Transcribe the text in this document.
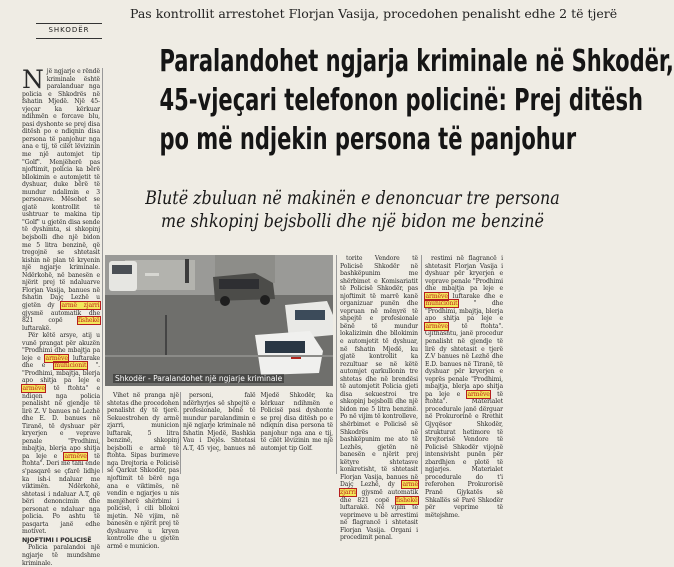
Pas kontrollit arrestohet Florjan Vasija, procedohen penalisht edhe 2 të tjerë
SHKODËR
Paralandohet ngjarja kriminale në Shkodër,
45-vjeçari telefonon policinë: Prej ditësh
po më ndjekin persona të panjohur
Blutë zbuluan në makinën e denoncuar tre persona
me shkopinj bejsbolli dhe një bidon me benzinë

N jë ngjarje e rëndë kriminale është paralanduar nga policia e Shkodrës në fshatin Mjedë. Një 45-vjeçar ka kërkuar ndihmën e forcave blu, pasi dyshonte se prej disa ditësh po e ndiqnin disa persona të panjohur nga ana e tij, të cilët lëvizinin me një automjet tip "Golf". Menjëherë pas njoftimit, policia ka bërë bllokimin e automjetit të dyshuar, duke bërë të mundur ndalimin e 3 personave. Mësohet se gjatë kontrollit të ushtruar te makina tip "Golf" u gjetën disa sende të dyshimta, si shkopinj bejsbolli dhe një bidon me 5 litra benzinë, që tregojnë se shtetasit kishin në plan të kryenin një ngjarje kriminale. Ndërkohë, në banesën e njërit prej të ndaluarve Florjan Vasija, banues në fshatin Dajç Lezhë u gjetën dy armë zjarri gjysmë automatik dhe 821 copë	fishekë luftarakë.

Për këtë arsye, atij u vunë prangat për akuzën "Prodhimi dhe mbajtja pa leje e armëve luftarake dhe e municionit ". "Prodhimi, mbajtja, blerja apo shitja pa leje e armëve të ftohta" e ndiqen nga policia penalisht në gjendje të lirë Z. V banues në Lezhë dhe E. D. banues në Tiranë, të dyshuar për kryerjen e veprave penale "Prodhimi, mbajtja, blerja apo shitja pa leje e armëve të ftohta". Deri më tani ende s'pasqarë se çfarë lidhje ka ish-i ndaluar me viktimën. Ndërkohë, shtetasi i ndaluar A.T, që bëri denoncimin dhe personat e ndaluar nga policia. Po ashtu të pasqarta janë edhe motivet.

NJOFTIMI I POLICISË

Policia paralandoi një ngjarje të mundshme kriminale.

Shkodër - Paralandohet një ngjarje kriminale

Vihet në pranga një shtetas dhe procedohen penalisht dy të tjerë. Sekuestrohen dy armë zjarri, municion luftarak, 5 litra benzinë, shkopinj bejsbolli e armë të ftohta. Sipas burimeve nga Drejtoria e Policisë së Qarkut Shkodër, pas njoftimit të bërë nga ana e viktimës, në vendin e ngjarjes u nis menjëherë shërbimi i policisë, i cili bllokoi mjetin. Në vijim, në banesën e njërit prej të dyshuarve u kryen kontrolle dhe u gjetën armë e municion.

personi, falë ndërhyrjes së shpejtë e profesionale, bënë të mundur paralandimin e një ngjarje kriminale në fshatin Mjedë, Bashkia Vau i Dejës. Shtetasi A.T, 45 vjeç, banues në Mjedë Shkodër, ka kërkuar ndihmën e Policisë pasi dyshonte se prej disa ditësh po e ndiqnin disa persona të panjohur nga ana e tij, të cilët lëvizinin me një automjet tip Golf.

torite Vendore të Policisë Shkodër në bashkëpunim me shërbimet e Komisariatit të Policisë Shkodër, pas njoftimit të marrë kanë organizuar punën dhe vepruan në mënyrë të shpejtë e profesionale bënë të mundur lokalizimin dhe bllokimin e automjetit të dyshuar, në fshatin Mjedë, ku gjatë kontrollit ka rezultuar se në këtë automjet qarkullonin tre shtetas dhe në brendësi të automjetit Policia gjeti disa sekuestroi tre shkopinj bejsbolli dhe një bidon me 5 litra benzinë. Po në vijim të kontrolleve, shërbimet e Policisë së Shkodrës në bashkëpunim me ato të Lezhës, gjetën në banesën e njërit prej këtyre shtetasve konkretisht, të shtetasit Florjan Vasija, banues në Dajç Lezhë, dy armë zjarri gjysmë automatik dhe 821 copë fishekë luftarakë. Në vijim të veprimeve u bë arrestimi në flagrancë i shtetasit Florjan Vasija. Organi i procedimit penal.

restimi në flagrancë i shtetasit Florjan Vasija i dyshuar për kryerjen e veprave penale "Prodhimi dhe mbajtja pa leje e armëve luftarake dhe e municionit	" dhe "Prodhimi, mbajtja, blerja apo shitja pa leje e armëve të ftohta". Gjithashtu, janë procedur penalisht në gjendje të lirë dy shtetasit e tjerë Z.V banues në Lezhë dhe E.D. banues në Tiranë, të dyshuar për kryerjen e veprës penale "Prodhimi, mbajtja, blerja apo shitja pa leje e armëve të ftohta". Materialet procedurale janë dërguar në Prokurorinë e Rrethit Gjyqësor Shkodër, strukturat hetimore të Drejtorisë Vendore të Policisë Shkodër vijojnë intensivisht punën për zbardhjen e plotë të ngjarjes. Materialet procedurale do t'i referohen Prokurorisë Pranë Gjykatës së Shkallës së Parë Shkodër për veprime të mëtejshme.
